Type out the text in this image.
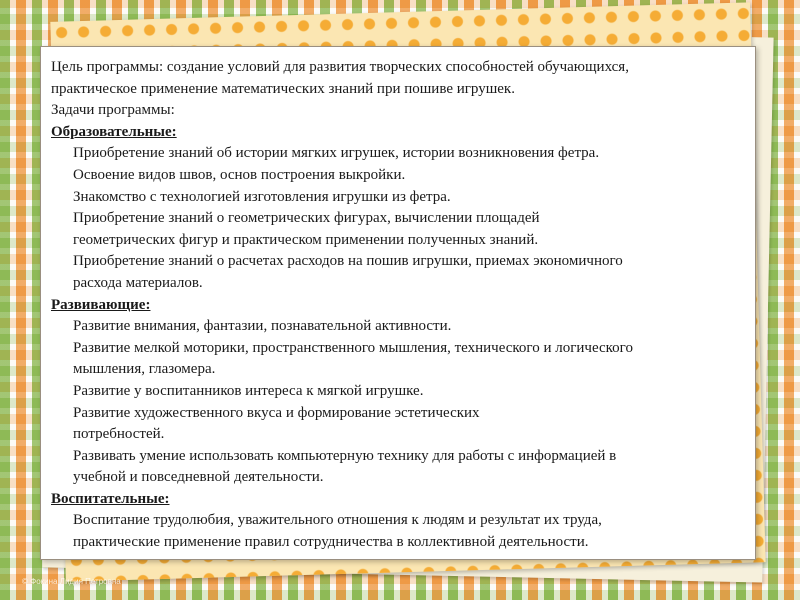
Цель программы: создание условий для развития творческих способностей обучающихся,

практическое применение математических знаний при пошиве игрушек.

Задачи программы:

Образовательные:

Приобретение знаний об истории мягких игрушек, истории возникновения фетра.
Освоение видов швов, основ построения выкройки.
Знакомство с технологией изготовления игрушки из фетра.
Приобретение знаний о геометрических фигурах, вычислении площадей
геометрических фигур и практическом применении полученных знаний.
Приобретение знаний о расчетах расходов на пошив игрушки, приемах экономичного
расхода материалов.

Развивающие:

Развитие внимания, фантазии, познавательной активности.
Развитие мелкой моторики, пространственного мышления, технического и логического
мышления, глазомера.
Развитие у воспитанников интереса к мягкой игрушке.
Развитие художественного вкуса и формирование эстетических
потребностей.
Развивать умение использовать компьютерную технику для работы с информацией в
учебной и повседневной деятельности.

Воспитательные:

Воспитание трудолюбия, уважительного отношения к людям и результат их труда,
практические применение правил сотрудничества в коллективной деятельности.
© Фокина Лидия Петровна
